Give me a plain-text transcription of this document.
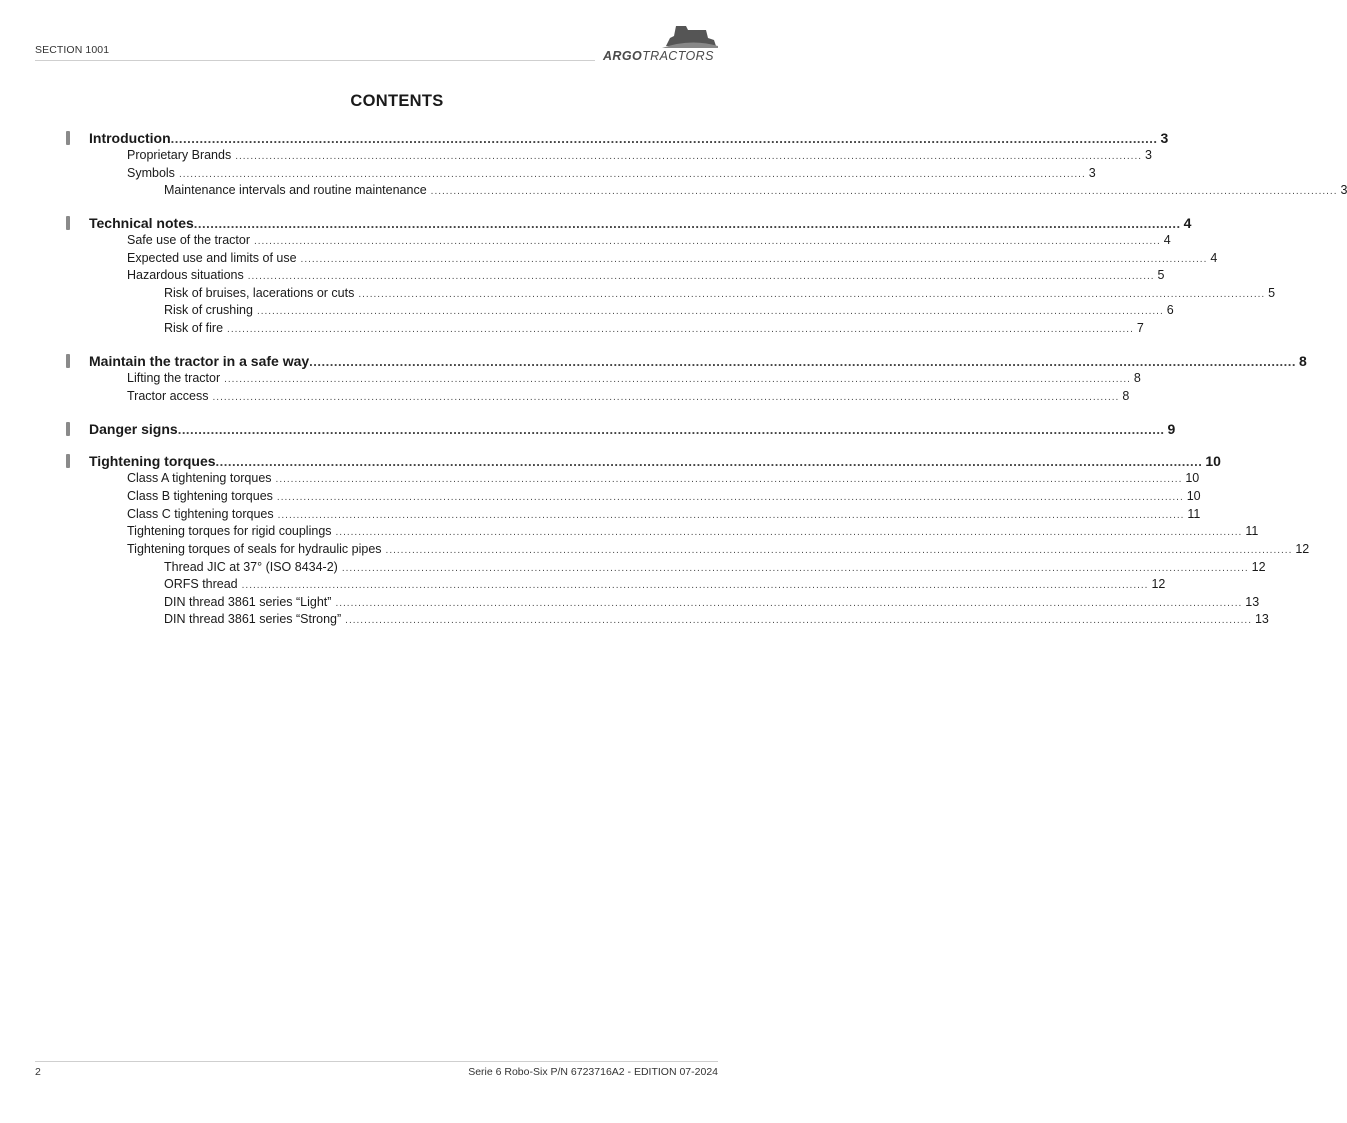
SECTION 1001	ARGOTRACTORS
CONTENTS
Introduction ................................................................................................................................................................................................................................................ 3
Proprietary Brands ................................................................................................................................................................................................................................................ 3
Symbols ................................................................................................................................................................................................................................................ 3
Maintenance intervals and routine maintenance ................................................................................................................................................................................................................................................ 3
Technical notes ................................................................................................................................................................................................................................................ 4
Safe use of the tractor ................................................................................................................................................................................................................................................ 4
Expected use and limits of use ................................................................................................................................................................................................................................................ 4
Hazardous situations ................................................................................................................................................................................................................................................ 5
Risk of bruises, lacerations or cuts ................................................................................................................................................................................................................................................ 5
Risk of crushing ................................................................................................................................................................................................................................................ 6
Risk of fire ................................................................................................................................................................................................................................................ 7
Maintain the tractor in a safe way ................................................................................................................................................................................................................................................ 8
Lifting the tractor ................................................................................................................................................................................................................................................ 8
Tractor access ................................................................................................................................................................................................................................................ 8
Danger signs ................................................................................................................................................................................................................................................ 9
Tightening torques ................................................................................................................................................................................................................................................ 10
Class A tightening torques ................................................................................................................................................................................................................................................ 10
Class B tightening torques ................................................................................................................................................................................................................................................ 10
Class C tightening torques ................................................................................................................................................................................................................................................ 11
Tightening torques for rigid couplings ................................................................................................................................................................................................................................................ 11
Tightening torques of seals for hydraulic pipes ................................................................................................................................................................................................................................................ 12
Thread JIC at 37° (ISO 8434-2) ................................................................................................................................................................................................................................................ 12
ORFS thread ................................................................................................................................................................................................................................................ 12
DIN thread 3861 series “Light” ................................................................................................................................................................................................................................................ 13
DIN thread 3861 series “Strong” ................................................................................................................................................................................................................................................ 13
2	Serie 6 Robo-Six P/N 6723716A2 - EDITION 07-2024
